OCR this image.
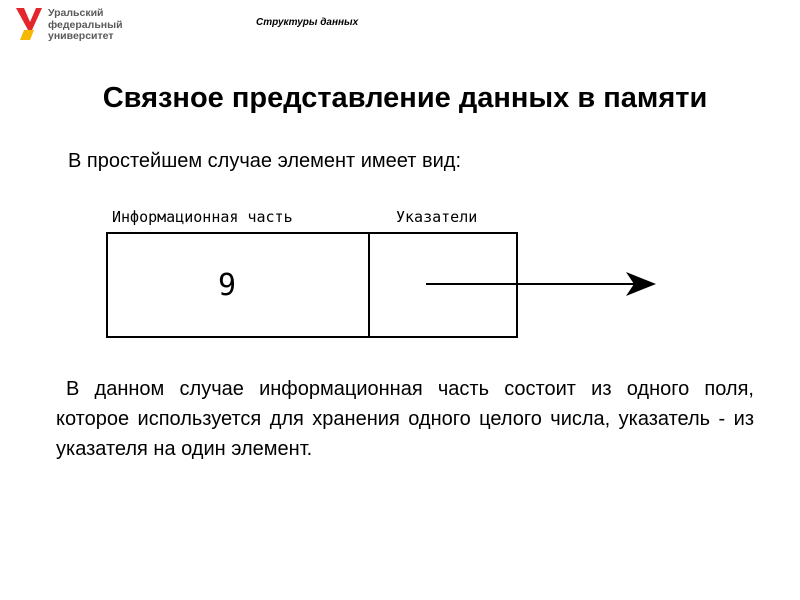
Уральский
федеральный
университет
Структуры данных
Связное представление данных в памяти
В простейшем случае элемент имеет вид:
Информационная часть	Указатели
9
В данном случае информационная часть состоит из одного поля, которое используется для хранения одного целого числа, указатель - из указателя на один элемент.
